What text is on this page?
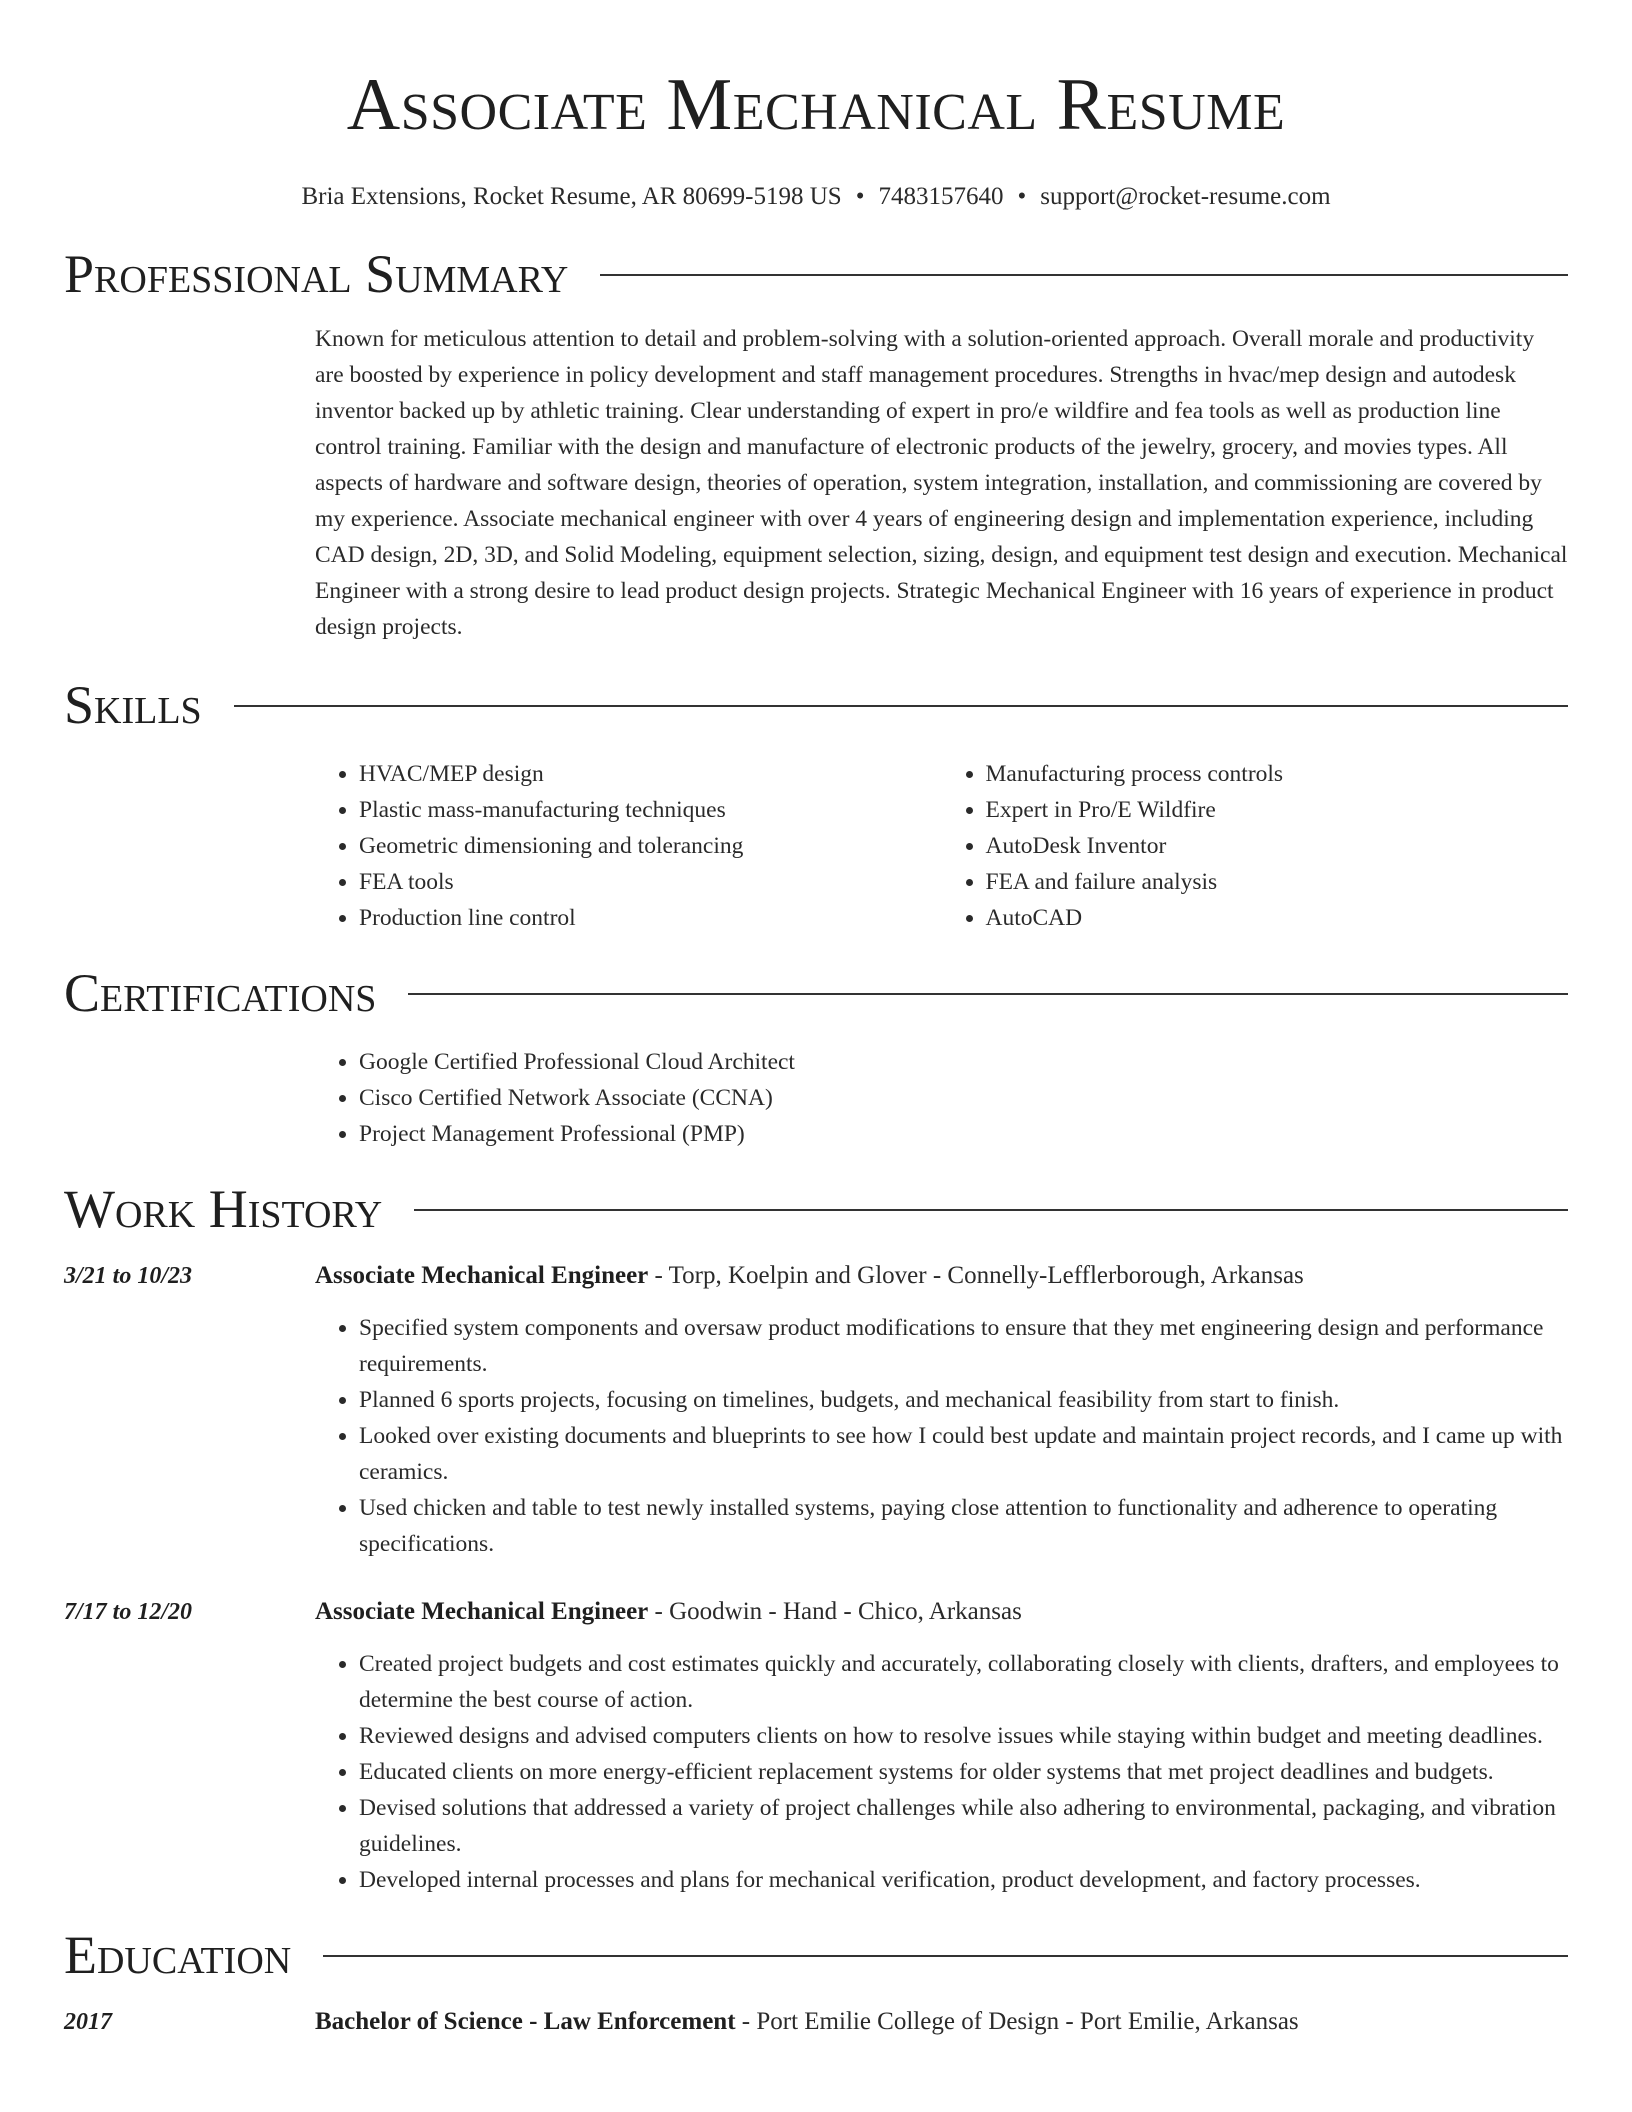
Associate Mechanical Resume
Bria Extensions, Rocket Resume, AR 80699-5198 US • 7483157640 • support@rocket-resume.com
Professional Summary

Known for meticulous attention to detail and problem-solving with a solution-oriented approach. Overall morale and productivity are boosted by experience in policy development and staff management procedures. Strengths in hvac/mep design and autodesk inventor backed up by athletic training. Clear understanding of expert in pro/e wildfire and fea tools as well as production line control training. Familiar with the design and manufacture of electronic products of the jewelry, grocery, and movies types. All aspects of hardware and software design, theories of operation, system integration, installation, and commissioning are covered by my experience. Associate mechanical engineer with over 4 years of engineering design and implementation experience, including CAD design, 2D, 3D, and Solid Modeling, equipment selection, sizing, design, and equipment test design and execution. Mechanical Engineer with a strong desire to lead product design projects. Strategic Mechanical Engineer with 16 years of experience in product design projects.

Skills
• HVAC/MEP design
• Plastic mass-manufacturing techniques
• Geometric dimensioning and tolerancing
• FEA tools
• Production line control
• Manufacturing process controls
• Expert in Pro/E Wildfire
• AutoDesk Inventor
• FEA and failure analysis
• AutoCAD
Certifications
• Google Certified Professional Cloud Architect
• Cisco Certified Network Associate (CCNA)
• Project Management Professional (PMP)
Work History
3/21 to 10/23	Associate Mechanical Engineer - Torp, Koelpin and Glover - Connelly-Lefflerborough, Arkansas
• Specified system components and oversaw product modifications to ensure that they met engineering design and performance requirements.
• Planned 6 sports projects, focusing on timelines, budgets, and mechanical feasibility from start to finish.
• Looked over existing documents and blueprints to see how I could best update and maintain project records, and I came up with ceramics.
• Used chicken and table to test newly installed systems, paying close attention to functionality and adherence to operating specifications.
7/17 to 12/20	Associate Mechanical Engineer - Goodwin - Hand - Chico, Arkansas
• Created project budgets and cost estimates quickly and accurately, collaborating closely with clients, drafters, and employees to determine the best course of action.
• Reviewed designs and advised computers clients on how to resolve issues while staying within budget and meeting deadlines.
• Educated clients on more energy-efficient replacement systems for older systems that met project deadlines and budgets.
• Devised solutions that addressed a variety of project challenges while also adhering to environmental, packaging, and vibration guidelines.
• Developed internal processes and plans for mechanical verification, product development, and factory processes.
Education
2017	Bachelor of Science - Law Enforcement - Port Emilie College of Design - Port Emilie, Arkansas
